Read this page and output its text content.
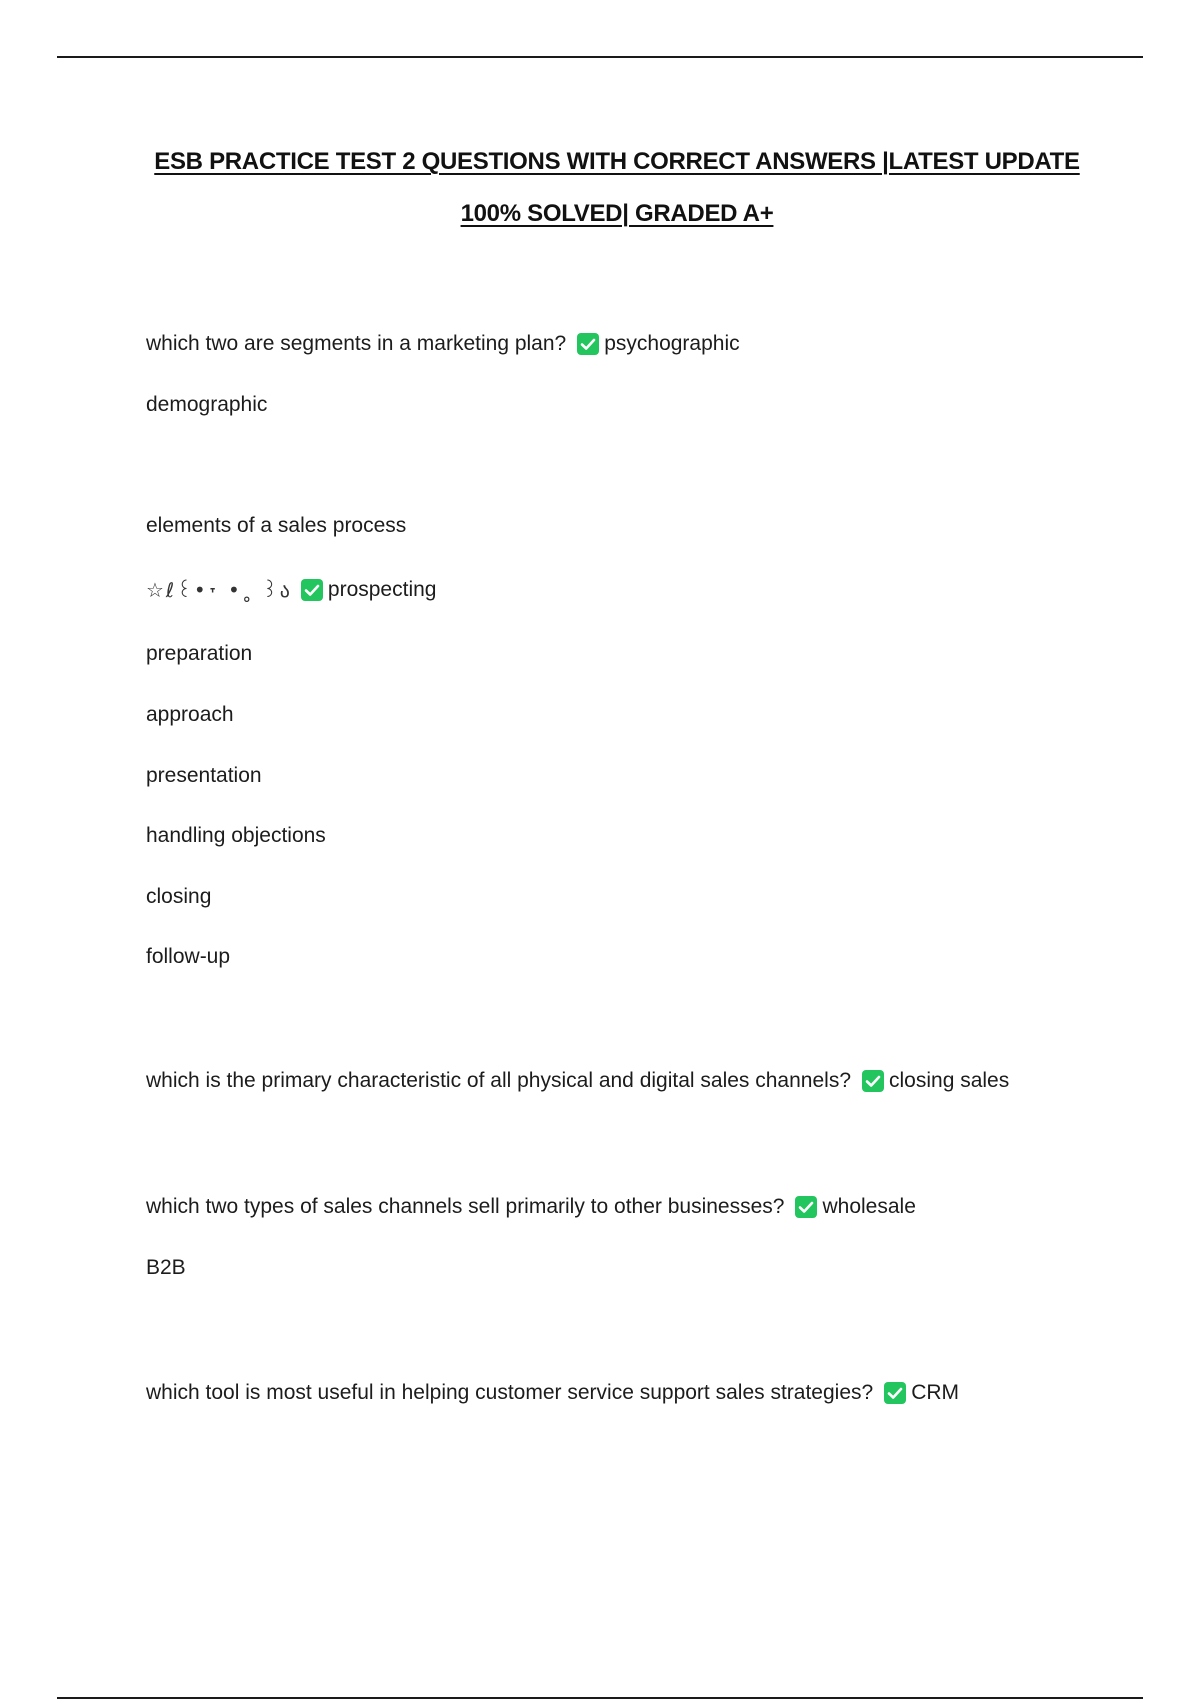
ESB PRACTICE TEST 2 QUESTIONS WITH CORRECT ANSWERS |LATEST UPDATE
100% SOLVED| GRADED A+
which two are segments in a marketing plan? psychographic
demographic
elements of a sales process
☆ℓ꒰•˕ •˳ ꒱ა prospecting
preparation
approach
presentation
handling objections
closing
follow-up
which is the primary characteristic of all physical and digital sales channels? closing sales
which two types of sales channels sell primarily to other businesses? wholesale
B2B
which tool is most useful in helping customer service support sales strategies? CRM
